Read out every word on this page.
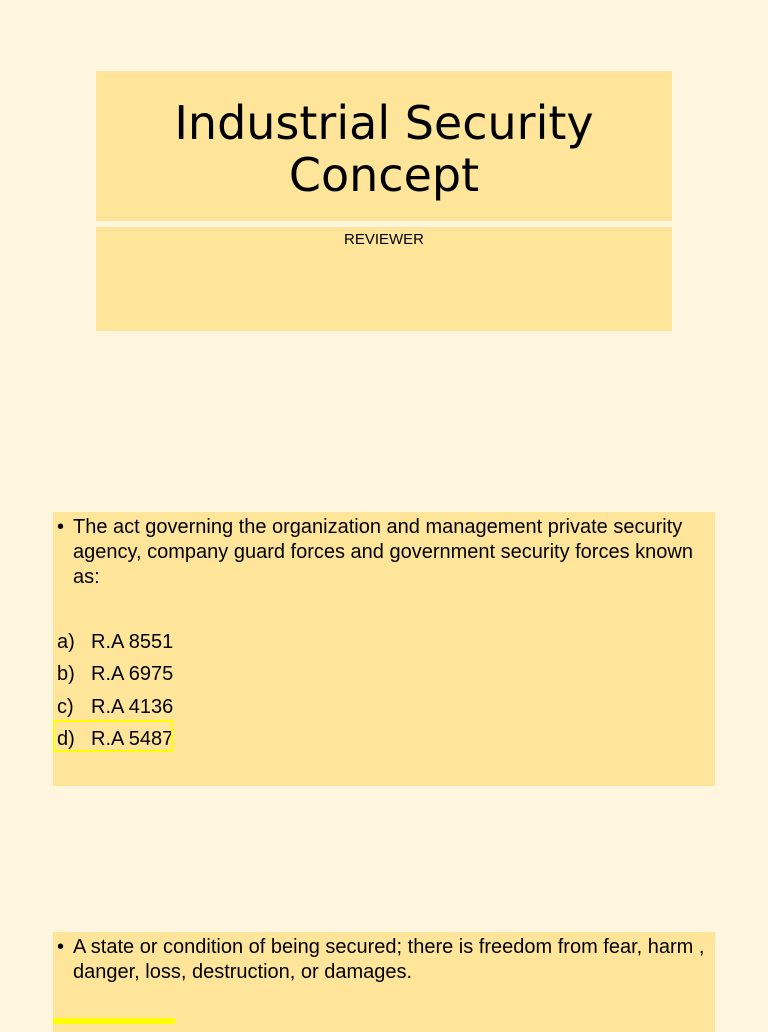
Industrial Security
Concept
REVIEWER
• The act governing the organization and management private security agency, company guard forces and government security forces known as:
a) R.A 8551
b) R.A 6975
c) R.A 4136
d) R.A 5487
• A state or condition of being secured; there is freedom from fear, harm , danger, loss, destruction, or damages.
